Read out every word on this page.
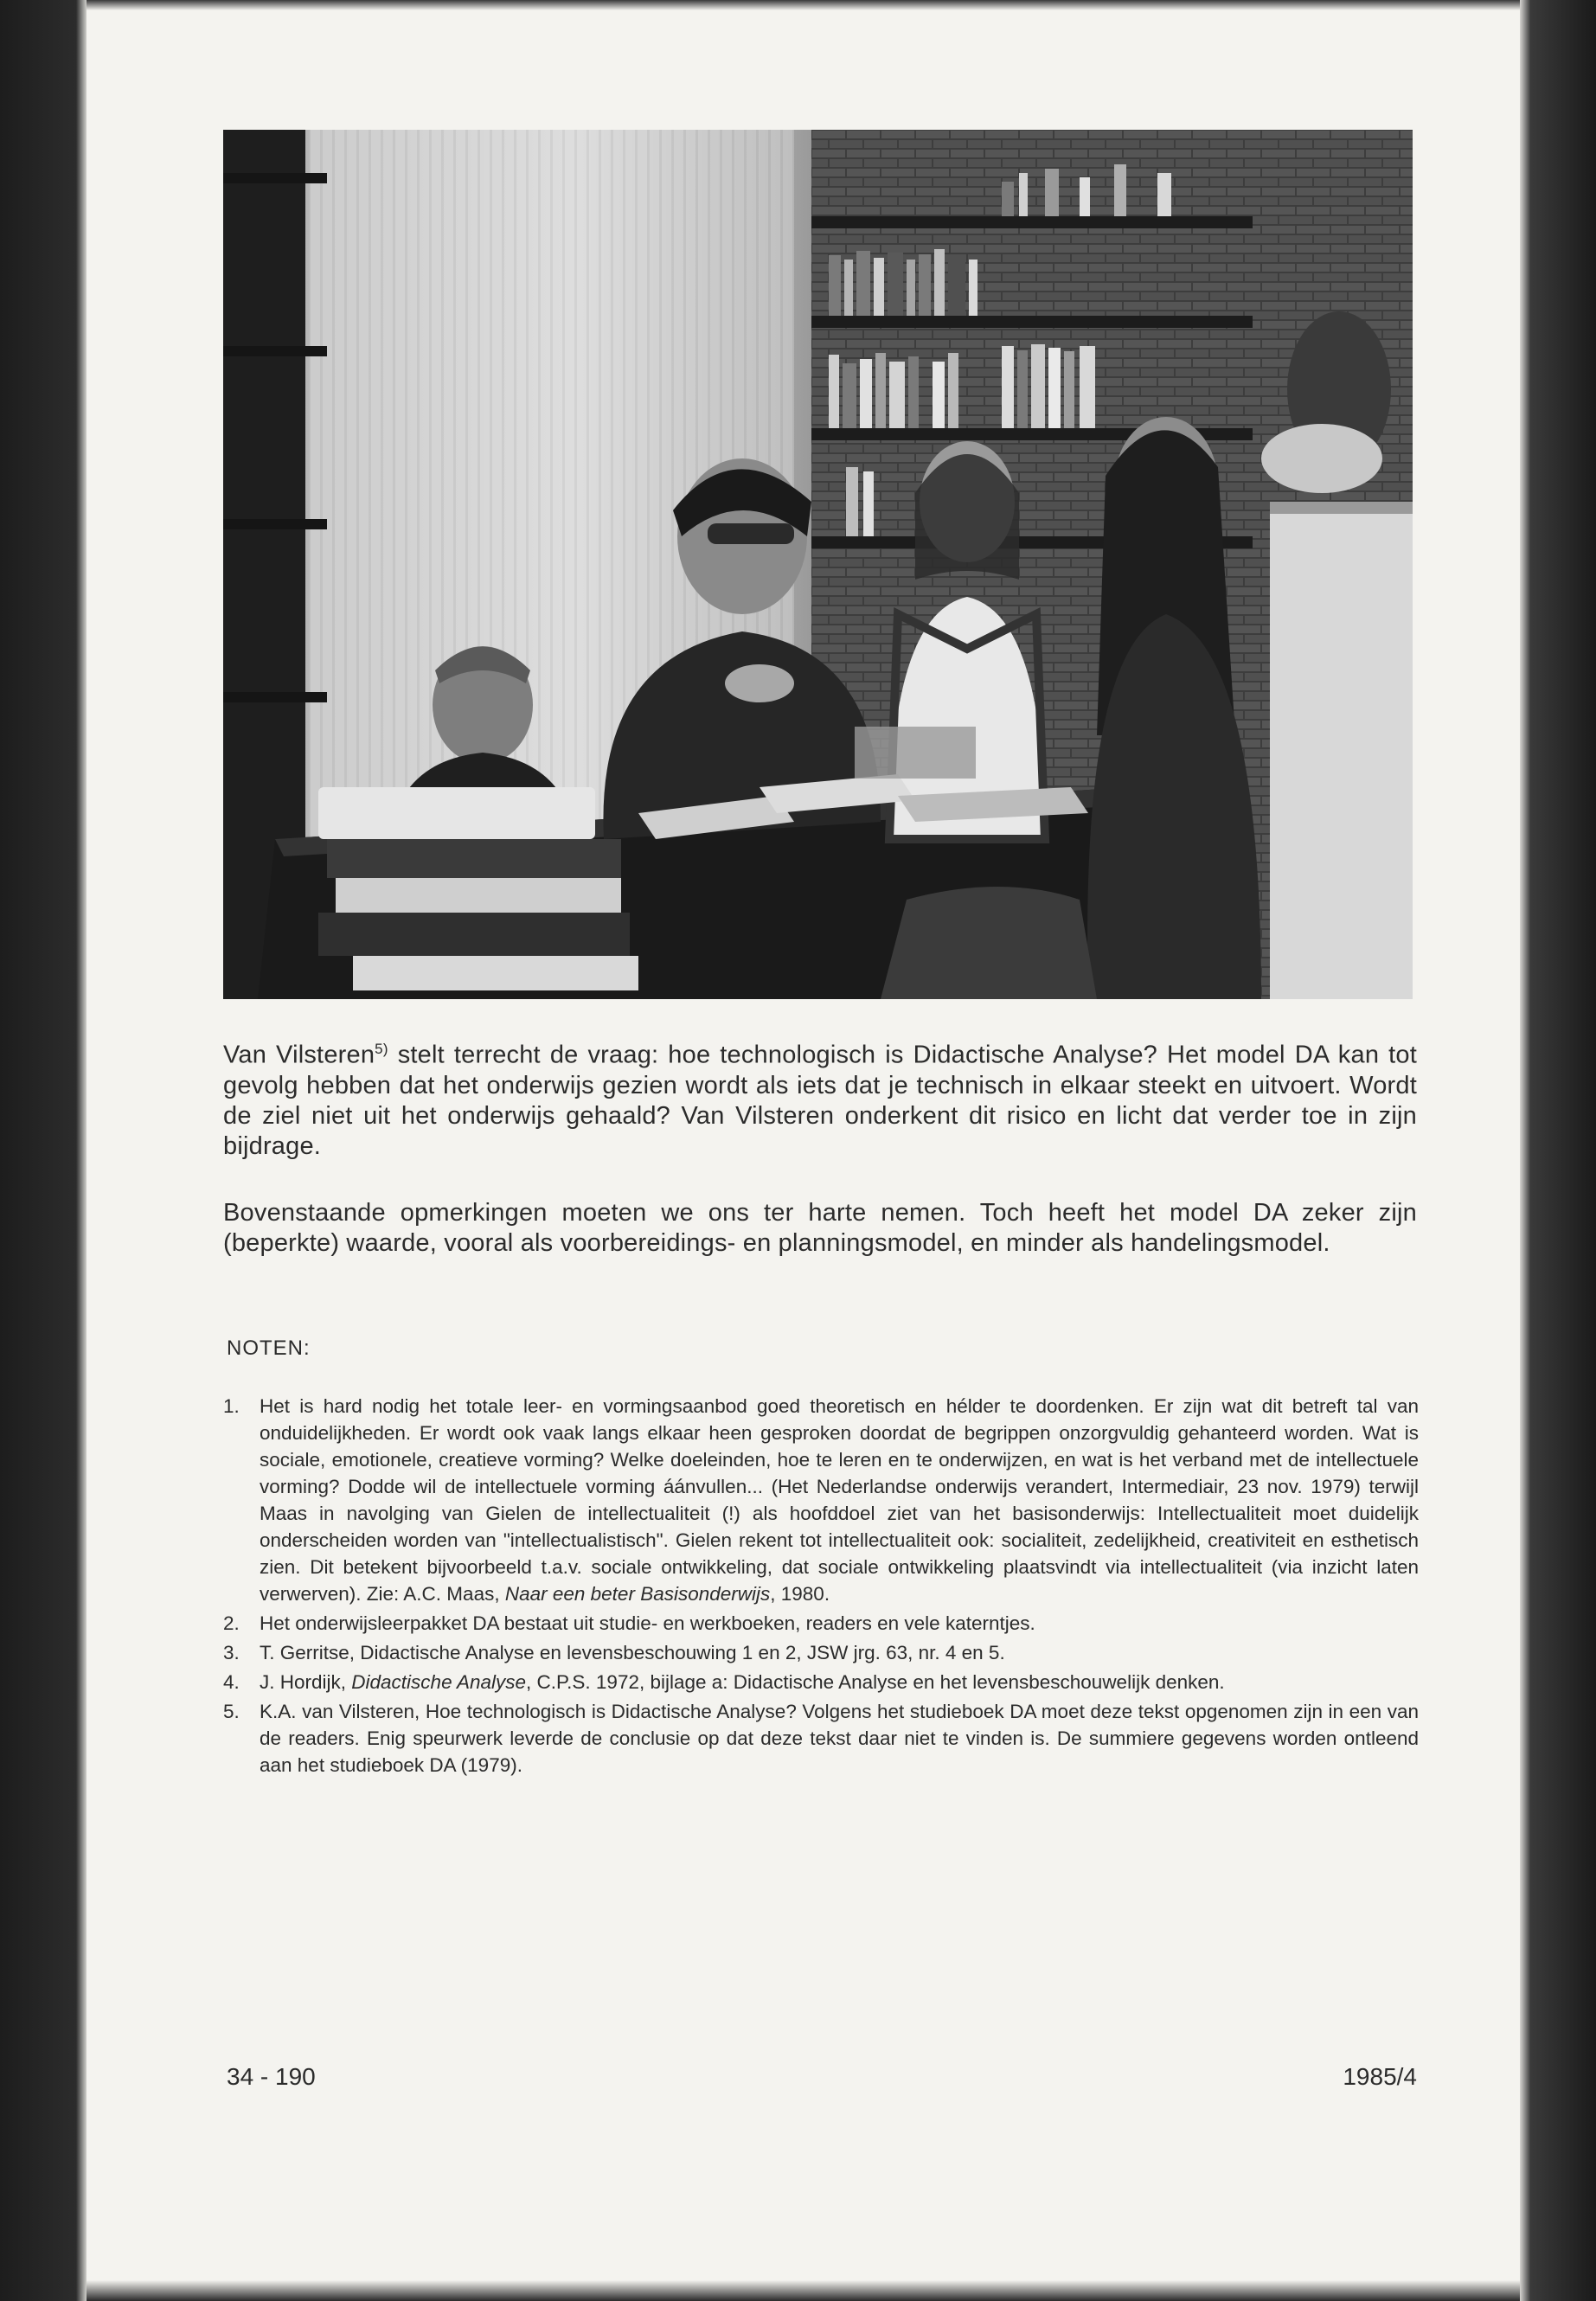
Van Vilsteren$^{5)}$ stelt terrecht de vraag: hoe technologisch is Didactische Analyse? Het model DA kan tot gevolg hebben dat het onderwijs gezien wordt als iets dat je technisch in elkaar steekt en uitvoert. Wordt de ziel niet uit het onderwijs gehaald? Van Vilsteren onderkent dit risico en licht dat verder toe in zijn bijdrage.

Bovenstaande opmerkingen moeten we ons ter harte nemen. Toch heeft het model DA zeker zijn (beperkte) waarde, vooral als voorbereidings- en planningsmodel, en minder als handelingsmodel.

NOTEN:

1. Het is hard nodig het totale leer- en vormingsaanbod goed theoretisch en hélder te doordenken. Er zijn wat dit betreft tal van onduidelijkheden. Er wordt ook vaak langs elkaar heen gesproken doordat de begrippen onzorgvuldig gehanteerd worden. Wat is sociale, emotionele, creatieve vorming? Welke doeleinden, hoe te leren en te onderwijzen, en wat is het verband met de intellectuele vorming? Dodde wil de intellectuele vorming áánvullen... (Het Nederlandse onderwijs verandert, Intermediair, 23 nov. 1979) terwijl Maas in navolging van Gielen de intellectualiteit (!) als hoofddoel ziet van het basisonderwijs: Intellectualiteit moet duidelijk onderscheiden worden van "intellectualistisch". Gielen rekent tot intellectualiteit ook: socialiteit, zedelijkheid, creativiteit en esthetisch zien. Dit betekent bijvoorbeeld t.a.v. sociale ontwikkeling, dat sociale ontwikkeling plaatsvindt via intellectualiteit (via inzicht laten verwerven). Zie: A.C. Maas, Naar een beter Basisonderwijs, 1980.
2. Het onderwijsleerpakket DA bestaat uit studie- en werkboeken, readers en vele katerntjes.
3. T. Gerritse, Didactische Analyse en levensbeschouwing 1 en 2, JSW jrg. 63, nr. 4 en 5.
4. J. Hordijk, Didactische Analyse, C.P.S. 1972, bijlage a: Didactische Analyse en het levensbeschouwelijk denken.
5. K.A. van Vilsteren, Hoe technologisch is Didactische Analyse? Volgens het studieboek DA moet deze tekst opgenomen zijn in een van de readers. Enig speurwerk leverde de conclusie op dat deze tekst daar niet te vinden is. De summiere gegevens worden ontleend aan het studieboek DA (1979).

34 - 190	1985/4
